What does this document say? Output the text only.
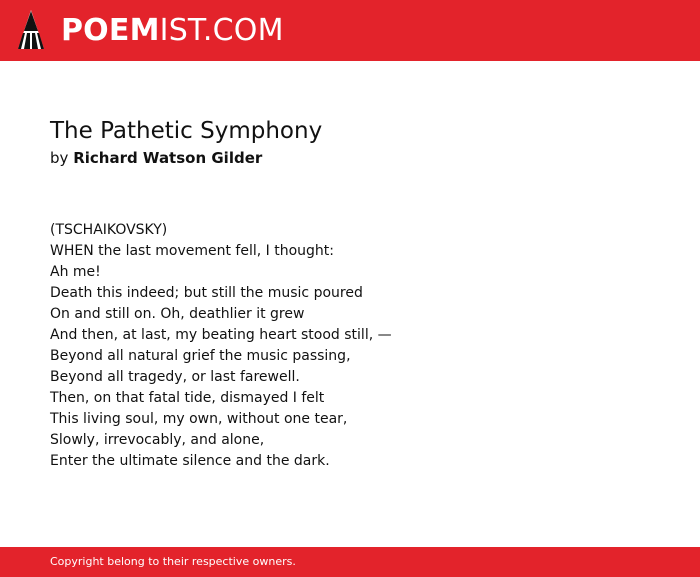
POEMIST.COM
The Pathetic Symphony
by Richard Watson Gilder
(TSCHAIKOVSKY)
WHEN the last movement fell, I thought:
Ah me!
Death this indeed; but still the music poured
On and still on. Oh, deathlier it grew
And then, at last, my beating heart stood still, —
Beyond all natural grief the music passing,
Beyond all tragedy, or last farewell.
Then, on that fatal tide, dismayed I felt
This living soul, my own, without one tear,
Slowly, irrevocably, and alone,
Enter the ultimate silence and the dark.
Copyright belong to their respective owners.
